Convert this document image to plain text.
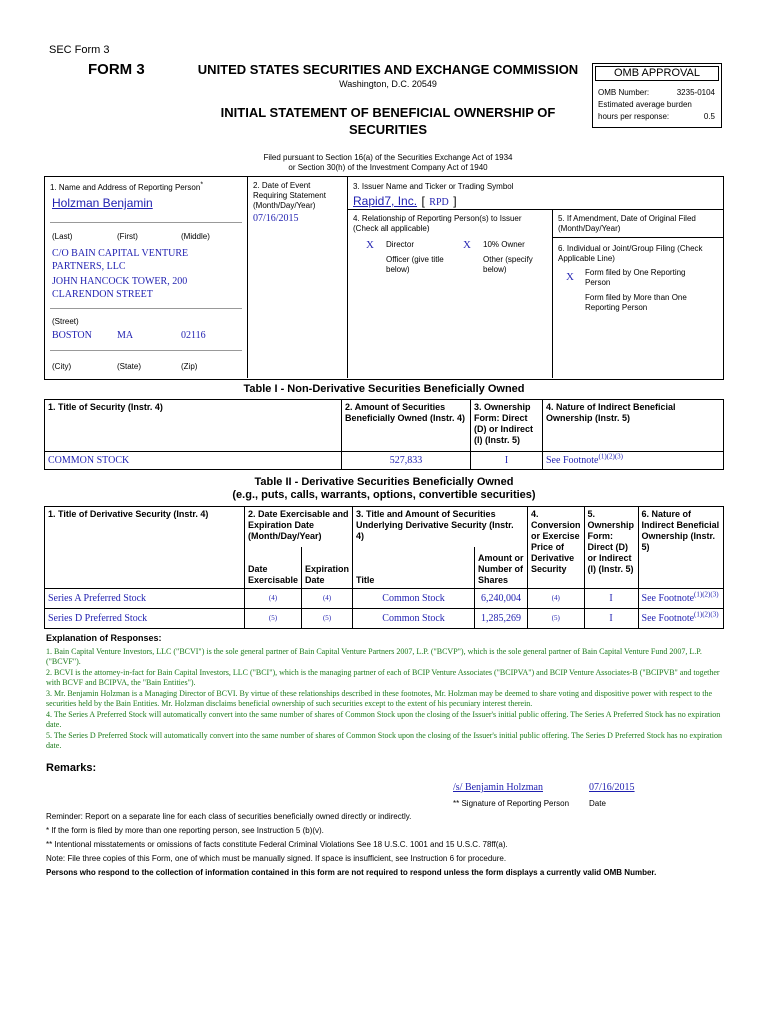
SEC Form 3
FORM 3	UNITED STATES SECURITIES AND EXCHANGE COMMISSION
Washington, D.C. 20549
INITIAL STATEMENT OF BENEFICIAL OWNERSHIP OF SECURITIES
OMB APPROVAL
OMB Number:	3235-0104
Estimated average burden
hours per response:	0.5
Filed pursuant to Section 16(a) of the Securities Exchange Act of 1934
or Section 30(h) of the Investment Company Act of 1940
1. Name and Address of Reporting Person*
Holzman Benjamin
(Last)	(First)	(Middle)
C/O BAIN CAPITAL VENTURE
PARTNERS, LLC
JOHN HANCOCK TOWER, 200
CLARENDON STREET
(Street)
BOSTON	MA	02116
(City)	(State)	(Zip)
2. Date of Event Requiring Statement (Month/Day/Year)
07/16/2015
3. Issuer Name and Ticker or Trading Symbol
Rapid7, Inc. [ RPD ]
4. Relationship of Reporting Person(s) to Issuer (Check all applicable)
X Director	X 10% Owner
Officer (give title below)
Other (specify below)
5. If Amendment, Date of Original Filed (Month/Day/Year)
6. Individual or Joint/Group Filing (Check Applicable Line)
X Form filed by One Reporting Person
Form filed by More than One Reporting Person
Table I - Non-Derivative Securities Beneficially Owned
1. Title of Security (Instr. 4)	2. Amount of Securities Beneficially Owned (Instr. 4)	3. Ownership Form: Direct (D) or Indirect (I) (Instr. 5)	4. Nature of Indirect Beneficial Ownership (Instr. 5)
COMMON STOCK	527,833	I	See Footnote$^{(1)(2)(3)}$
Table II - Derivative Securities Beneficially Owned
(e.g., puts, calls, warrants, options, convertible securities)
1. Title of Derivative Security (Instr. 4)	2. Date Exercisable and Expiration Date (Month/Day/Year)		3. Title and Amount of Securities Underlying Derivative Security (Instr. 4)		4. Conversion or Exercise Price of Derivative Security	5. Ownership Form: Direct (D) or Indirect (I) (Instr. 5)	6. Nature of Indirect Beneficial Ownership (Instr. 5)
	Date Exercisable	Expiration Date	Title	Amount or Number of Shares			
Series A Preferred Stock	(4)	(4)	Common Stock	6,240,004	(4)	I	See Footnote$^{(1)(2)(3)}$
Series D Preferred Stock	(5)	(5)	Common Stock	1,285,269	(5)	I	See Footnote$^{(1)(2)(3)}$
Explanation of Responses:
1. Bain Capital Venture Investors, LLC ("BCVI") is the sole general partner of Bain Capital Venture Partners 2007, L.P. ("BCVP"), which is the sole general partner of Bain Capital Venture Fund 2007, L.P. ("BCVF").
2. BCVI is the attorney-in-fact for Bain Capital Investors, LLC ("BCI"), which is the managing partner of each of BCIP Venture Associates ("BCIPVA") and BCIP Venture Associates-B ("BCIPVB" and together with BCVF and BCIPVA, the "Bain Entities").
3. Mr. Benjamin Holzman is a Managing Director of BCVI. By virtue of these relationships described in these footnotes, Mr. Holzman may be deemed to share voting and dispositive power with respect to the securities held by the Bain Entities. Mr. Holzman disclaims beneficial ownership of such securities except to the extent of his pecuniary interest therein.
4. The Series A Preferred Stock will automatically convert into the same number of shares of Common Stock upon the closing of the Issuer's initial public offering. The Series A Preferred Stock has no expiration date.
5. The Series D Preferred Stock will automatically convert into the same number of shares of Common Stock upon the closing of the Issuer's initial public offering. The Series D Preferred Stock has no expiration date.
Remarks:
/s/ Benjamin Holzman	07/16/2015
** Signature of Reporting Person Date
Reminder: Report on a separate line for each class of securities beneficially owned directly or indirectly.
* If the form is filed by more than one reporting person, see Instruction 5 (b)(v).
** Intentional misstatements or omissions of facts constitute Federal Criminal Violations See 18 U.S.C. 1001 and 15 U.S.C. 78ff(a).
Note: File three copies of this Form, one of which must be manually signed. If space is insufficient, see Instruction 6 for procedure.
Persons who respond to the collection of information contained in this form are not required to respond unless the form displays a currently valid OMB Number.
